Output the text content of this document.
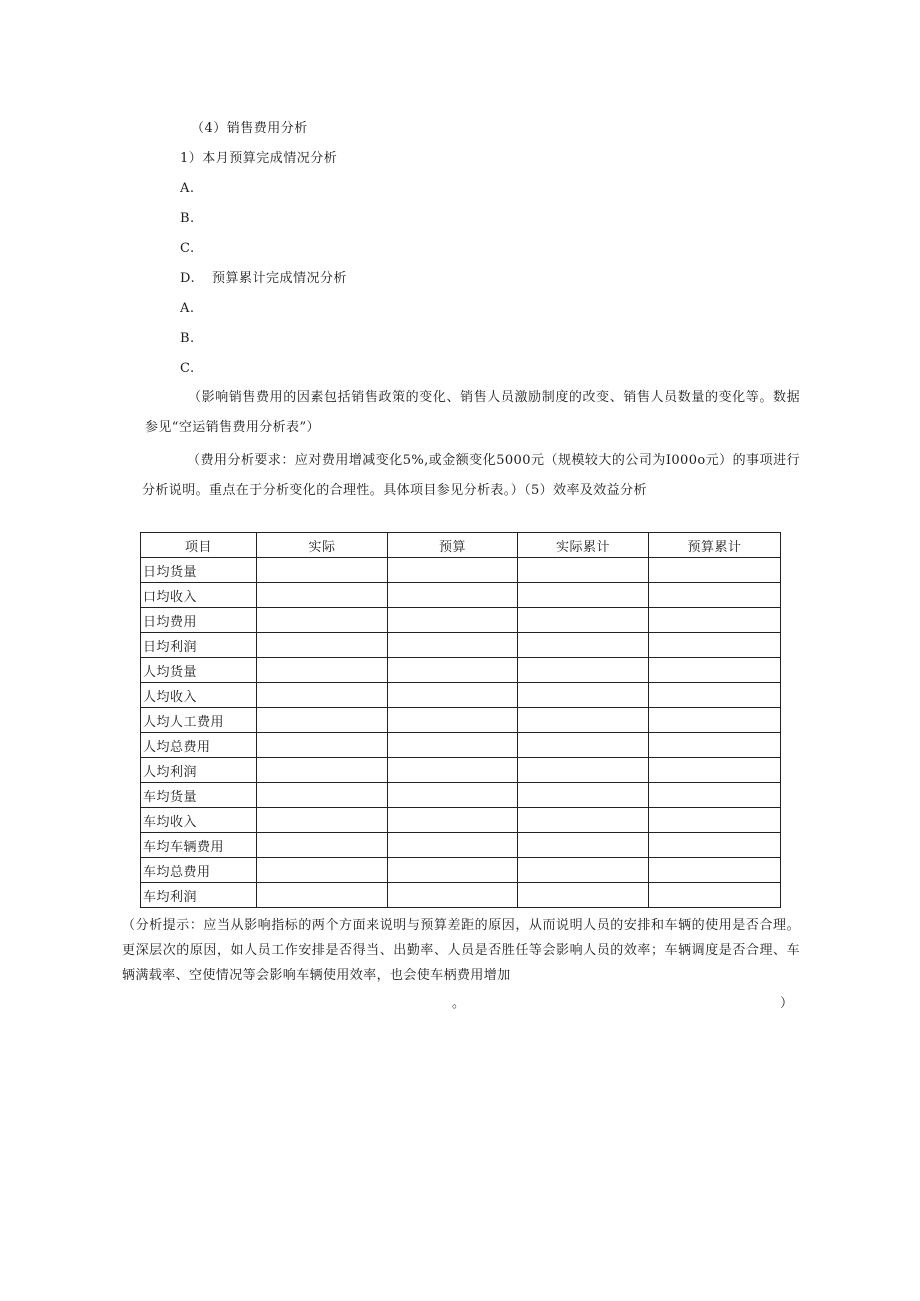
（4）销售费用分析
1）本月预算完成情况分析
A.
B.
C.
D. 预算累计完成情况分析
A.
B.
C.
（影响销售费用的因素包括销售政策的变化、销售人员激励制度的改变、销售人员数量的变化等。数据参见“空运销售费用分析表”）
（费用分析要求：应对费用增减变化5%,或金额变化5000元（规模较大的公司为I000o元）的事项进行分析说明。重点在于分析变化的合理性。具体项目参见分析表。）（5）效率及效益分析
项目	实际	预算	实际累计	预算累计
日均货量				
口均收入				
日均费用				
日均利润				
人均货量				
人均收入				
人均人工费用				
人均总费用				
人均利润				
车均货量				
车均收入				
车均车辆费用				
车均总费用				
车均利润				
（分析提示：应当从影响指标的两个方面来说明与预算差距的原因，从而说明人员的安排和车辆的使用是否合理。更深层次的原因，如人员工作安排是否得当、出勤率、人员是否胜任等会影响人员的效率；车辆调度是否合理、车辆满载率、空使情况等会影响车辆使用效率，也会使车柄费用增加
。	）
